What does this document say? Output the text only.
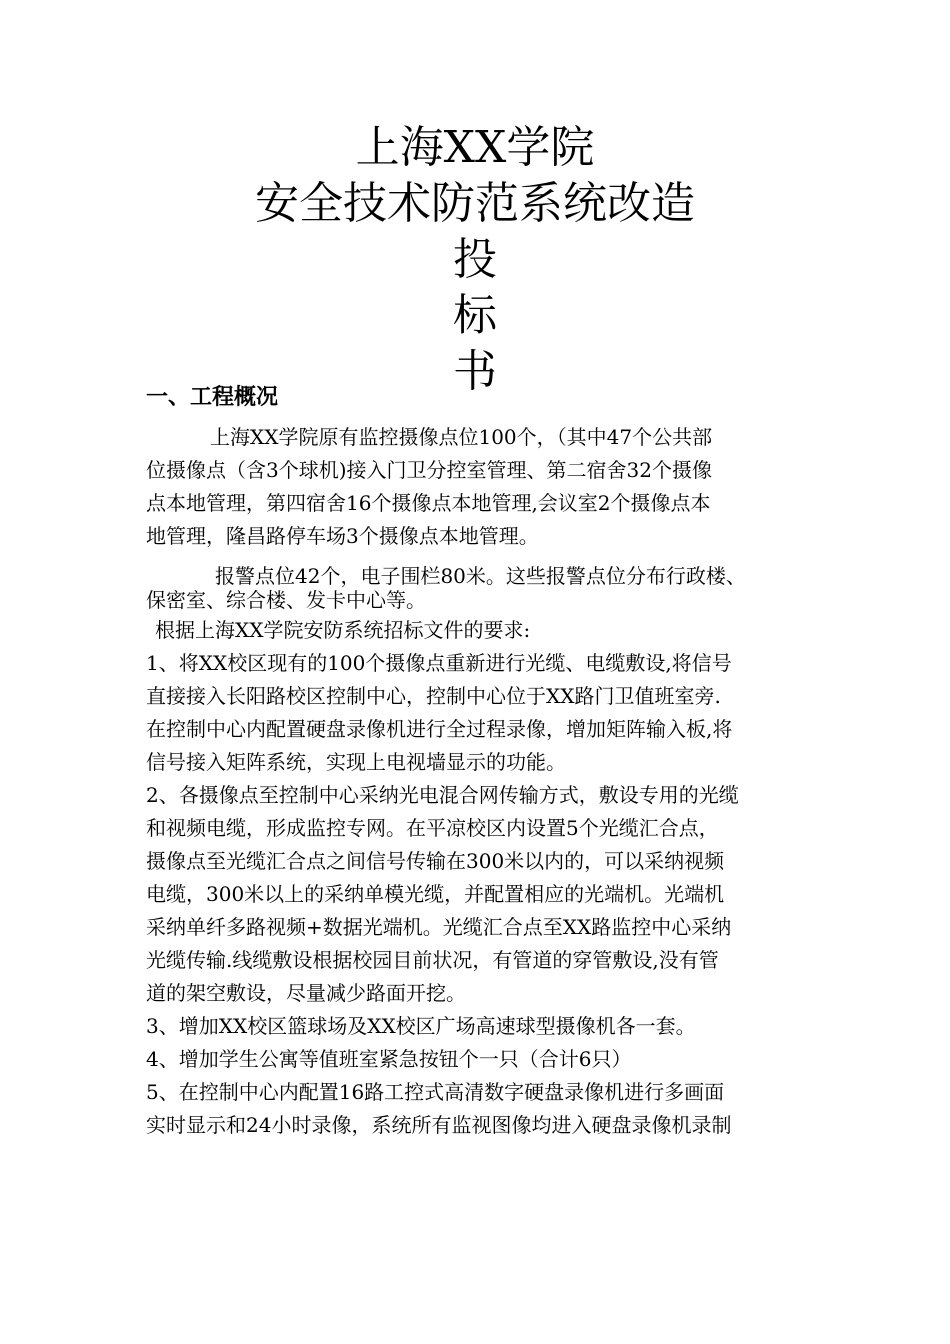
上海XX学院

安全技术防范系统改造

投

标

书

一、工程概况
上海XX学院原有监控摄像点位100个，（其中47个公共部
位摄像点（含3个球机)接入门卫分控室管理、第二宿舍32个摄像
点本地管理，第四宿舍16个摄像点本地管理,会议室2个摄像点本
地管理，隆昌路停车场3个摄像点本地管理。
报警点位42个，电子围栏80米。这些报警点位分布行政楼、
保密室、综合楼、发卡中心等。
根据上海XX学院安防系统招标文件的要求:
1、将XX校区现有的100个摄像点重新进行光缆、电缆敷设,将信号
直接接入长阳路校区控制中心，控制中心位于XX路门卫值班室旁.
在控制中心内配置硬盘录像机进行全过程录像，增加矩阵输入板,将
信号接入矩阵系统，实现上电视墙显示的功能。
2、各摄像点至控制中心采纳光电混合网传输方式，敷设专用的光缆
和视频电缆，形成监控专网。在平凉校区内设置5个光缆汇合点，
摄像点至光缆汇合点之间信号传输在300米以内的，可以采纳视频
电缆，300米以上的采纳单模光缆，并配置相应的光端机。光端机
采纳单纤多路视频+数据光端机。光缆汇合点至XX路监控中心采纳
光缆传输.线缆敷设根据校园目前状况，有管道的穿管敷设,没有管
道的架空敷设，尽量减少路面开挖。
3、增加XX校区篮球场及XX校区广场高速球型摄像机各一套。
4、增加学生公寓等值班室紧急按钮个一只（合计6只）
5、在控制中心内配置16路工控式高清数字硬盘录像机进行多画面
实时显示和24小时录像，系统所有监视图像均进入硬盘录像机录制
